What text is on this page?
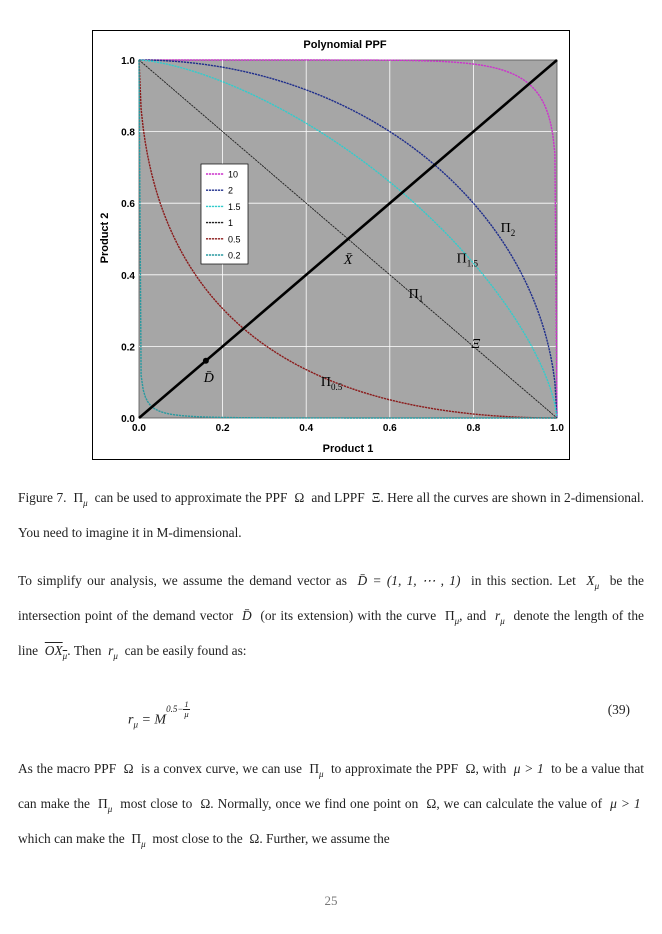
Polynomial PPF
0.0
0.0
0.2
0.2
0.4
0.4
0.6
0.6
0.8
0.8
1.0
1.0
$\Pi_2$
$\Pi_{1.5}$
$\Pi_1$
Ξ
$\Pi_{0.5}$
X̄
D̄
Product 1
Product 2
10
2
1.5
1
0.5
0.2

Figure 7. $\Pi_\mu$ can be used to approximate the PPF Ω and LPPF Ξ. Here all the curves are shown in 2-dimensional. You need to imagine it in M-dimensional.

To simplify our analysis, we assume the demand vector as D̄ = (1, 1, ⋯ , 1) in this section. Let $X_\mu$ be the intersection point of the demand vector D̄ (or its extension) with the curve $\Pi_\mu$, and $r_\mu$ denote the length of the line $OX_\mu$. Then $r_\mu$ can be easily found as:

$r_\mu = M^{0.5- \frac{1}{\mu}}$	(39)

As the macro PPF Ω is a convex curve, we can use $\Pi_\mu$ to approximate the PPF Ω, with μ > 1 to be a value that can make the $\Pi_\mu$ most close to Ω. Normally, once we find one point on Ω, we can calculate the value of μ > 1  which can make the $\Pi_\mu$ most close to the Ω. Further, we assume the

25
